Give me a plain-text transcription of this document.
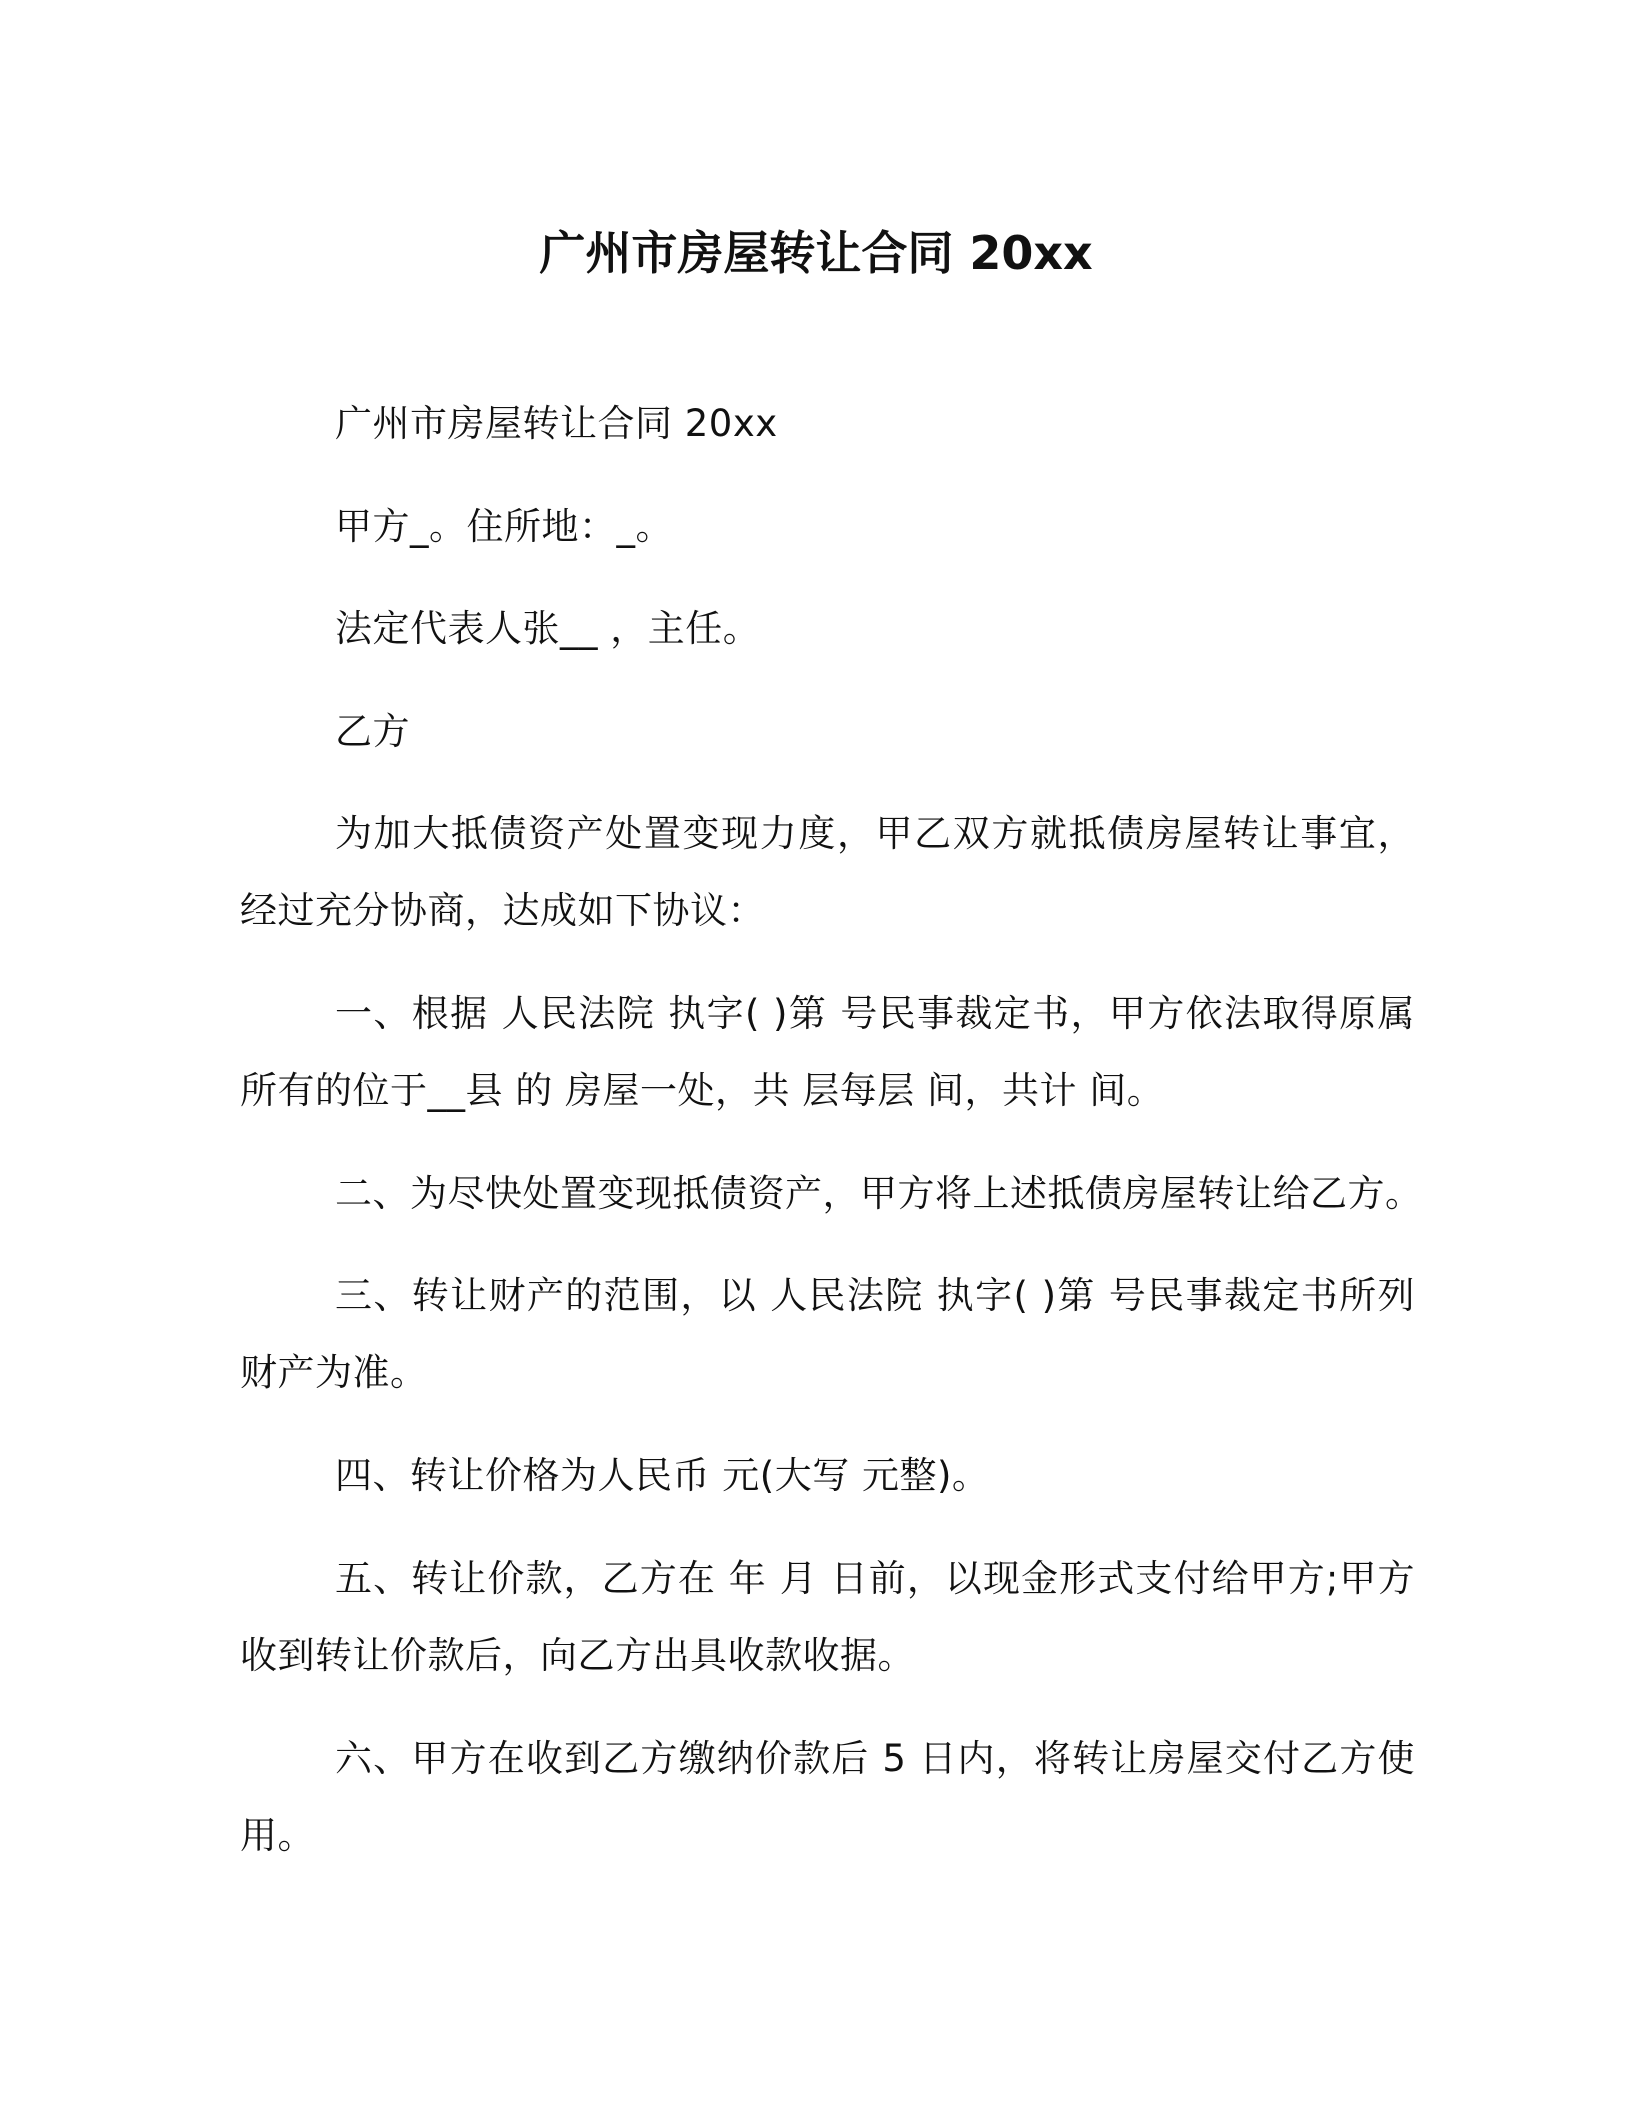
广州市房屋转让合同 20xx

广州市房屋转让合同 20xx

甲方_。住所地：_。

法定代表人张__ ，主任。

乙方

为加大抵债资产处置变现力度，甲乙双方就抵债房屋转让事宜，经过充分协商，达成如下协议：

一、根据 人民法院 执字( )第 号民事裁定书，甲方依法取得原属所有的位于__县 的 房屋一处，共 层每层 间，共计 间。

二、为尽快处置变现抵债资产，甲方将上述抵债房屋转让给乙方。

三、转让财产的范围，以 人民法院 执字( )第 号民事裁定书所列财产为准。

四、转让价格为人民币 元(大写 元整)。

五、转让价款，乙方在 年 月 日前，以现金形式支付给甲方;甲方收到转让价款后，向乙方出具收款收据。

六、甲方在收到乙方缴纳价款后 5 日内，将转让房屋交付乙方使用。
